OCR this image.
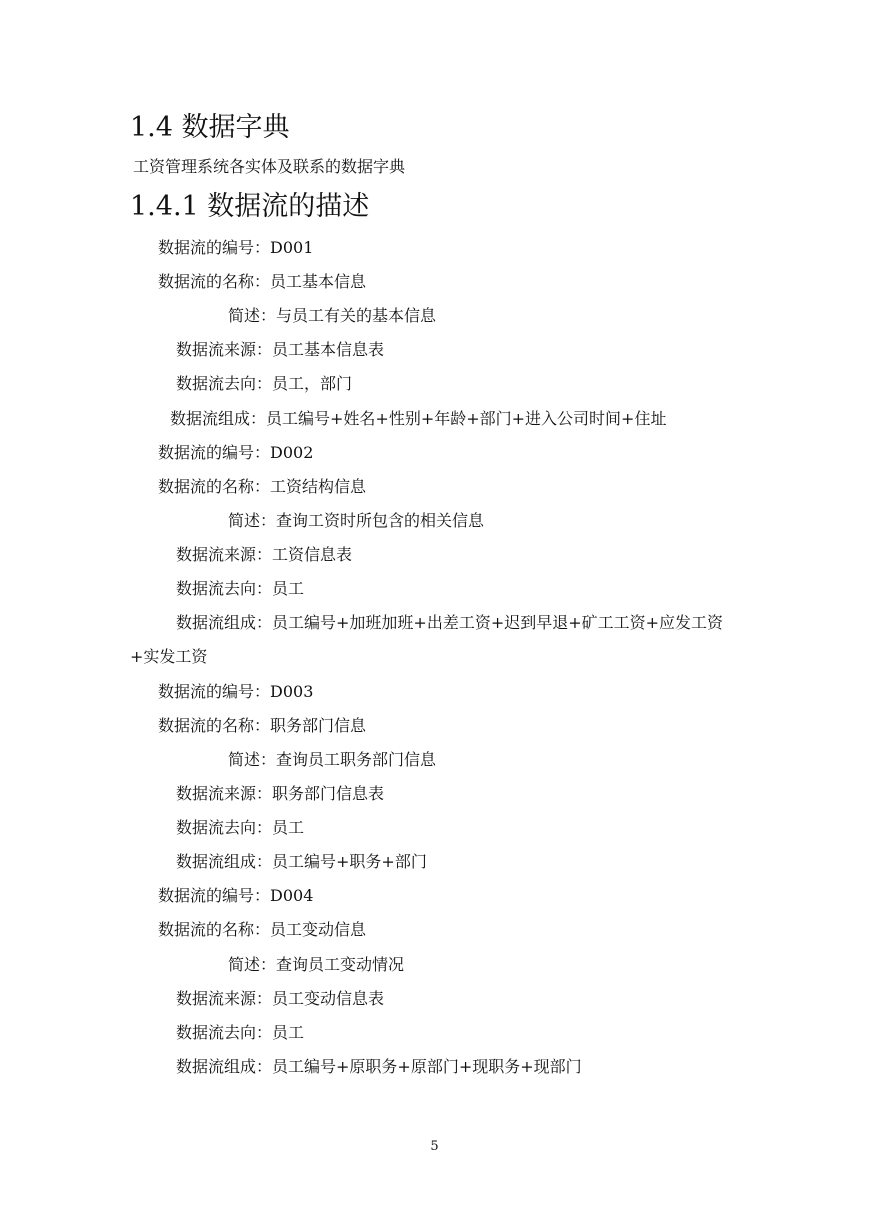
1.4 数据字典
工资管理系统各实体及联系的数据字典
1.4.1 数据流的描述
数据流的编号：D001
数据流的名称：员工基本信息
简述：与员工有关的基本信息
数据流来源：员工基本信息表
数据流去向：员工，部门
数据流组成：员工编号+姓名+性别+年龄+部门+进入公司时间+住址
数据流的编号：D002
数据流的名称：工资结构信息
简述：查询工资时所包含的相关信息
数据流来源：工资信息表
数据流去向：员工
数据流组成：员工编号+加班加班+出差工资+迟到早退+矿工工资+应发工资
+实发工资
数据流的编号：D003
数据流的名称：职务部门信息
简述：查询员工职务部门信息
数据流来源：职务部门信息表
数据流去向：员工
数据流组成：员工编号+职务+部门
数据流的编号：D004
数据流的名称：员工变动信息
简述：查询员工变动情况
数据流来源：员工变动信息表
数据流去向：员工
数据流组成：员工编号+原职务+原部门+现职务+现部门
5
